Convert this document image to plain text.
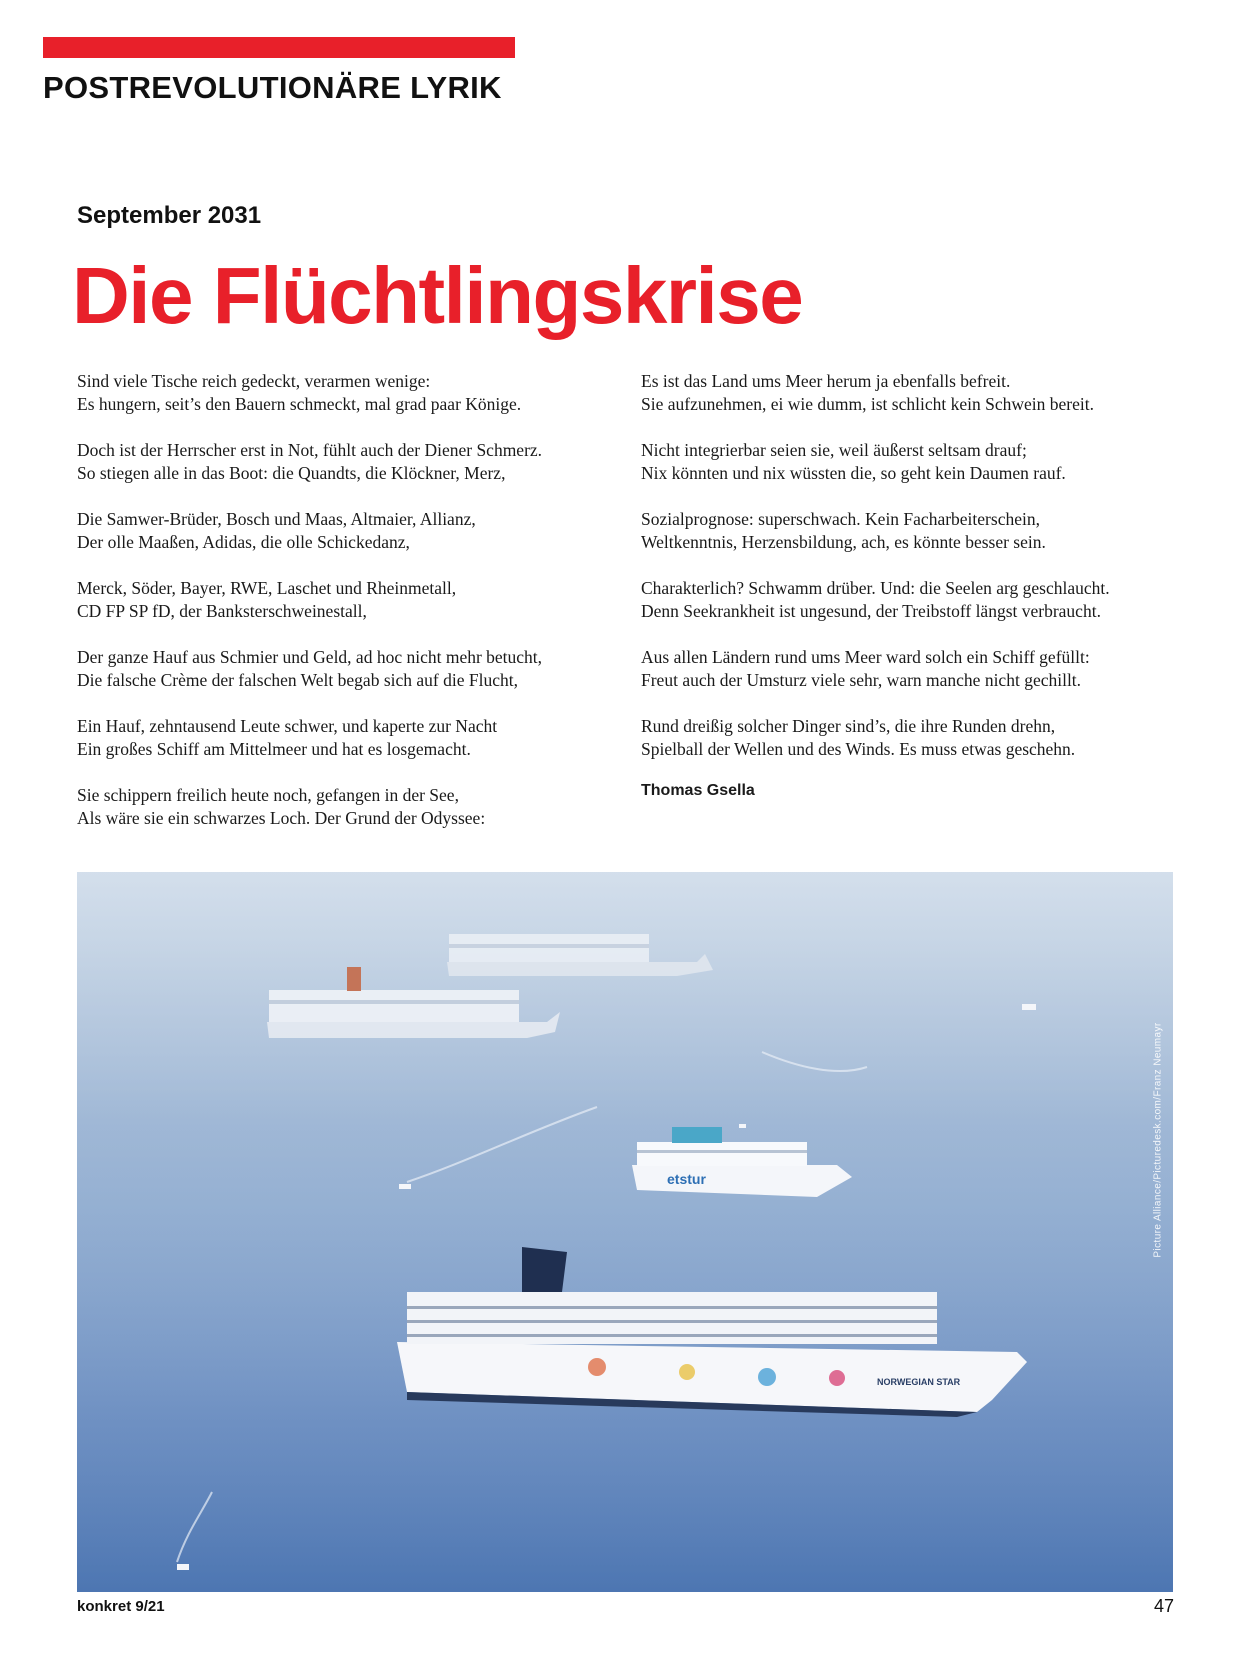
POSTREVOLUTIONÄRE LYRIK
September 2031
Die Flüchtlingskrise

Sind viele Tische reich gedeckt, verarmen wenige:
Es hungern, seit’s den Bauern schmeckt, mal grad paar Könige.

Doch ist der Herrscher erst in Not, fühlt auch der Diener Schmerz.
So stiegen alle in das Boot: die Quandts, die Klöckner, Merz,

Die Samwer-Brüder, Bosch und Maas, Altmaier, Allianz,
Der olle Maaßen, Adidas, die olle Schickedanz,

Merck, Söder, Bayer, RWE, Laschet und Rheinmetall,
CD FP SP fD, der Banksterschweinestall,

Der ganze Hauf aus Schmier und Geld, ad hoc nicht mehr betucht,
Die falsche Crème der falschen Welt begab sich auf die Flucht,

Ein Hauf, zehntausend Leute schwer, und kaperte zur Nacht
Ein großes Schiff am Mittelmeer und hat es losgemacht.

Sie schippern freilich heute noch, gefangen in der See,
Als wäre sie ein schwarzes Loch. Der Grund der Odyssee:

Es ist das Land ums Meer herum ja ebenfalls befreit.
Sie aufzunehmen, ei wie dumm, ist schlicht kein Schwein bereit.

Nicht integrierbar seien sie, weil äußerst seltsam drauf;
Nix könnten und nix wüssten die, so geht kein Daumen rauf.

Sozialprognose: superschwach. Kein Facharbeiterschein,
Weltkenntnis, Herzensbildung, ach, es könnte besser sein.

Charakterlich? Schwamm drüber. Und: die Seelen arg geschlaucht.
Denn Seekrankheit ist ungesund, der Treibstoff längst verbraucht.

Aus allen Ländern rund ums Meer ward solch ein Schiff gefüllt:
Freut auch der Umsturz viele sehr, warn manche nicht gechillt.

Rund dreißig solcher Dinger sind’s, die ihre Runden drehn,
Spielball der Wellen und des Winds. Es muss etwas geschehn.

Thomas Gsella
etstur
NORWEGIAN STAR
Picture Alliance/Picturedesk.com/Franz Neumayr
konkret 9/21	47
